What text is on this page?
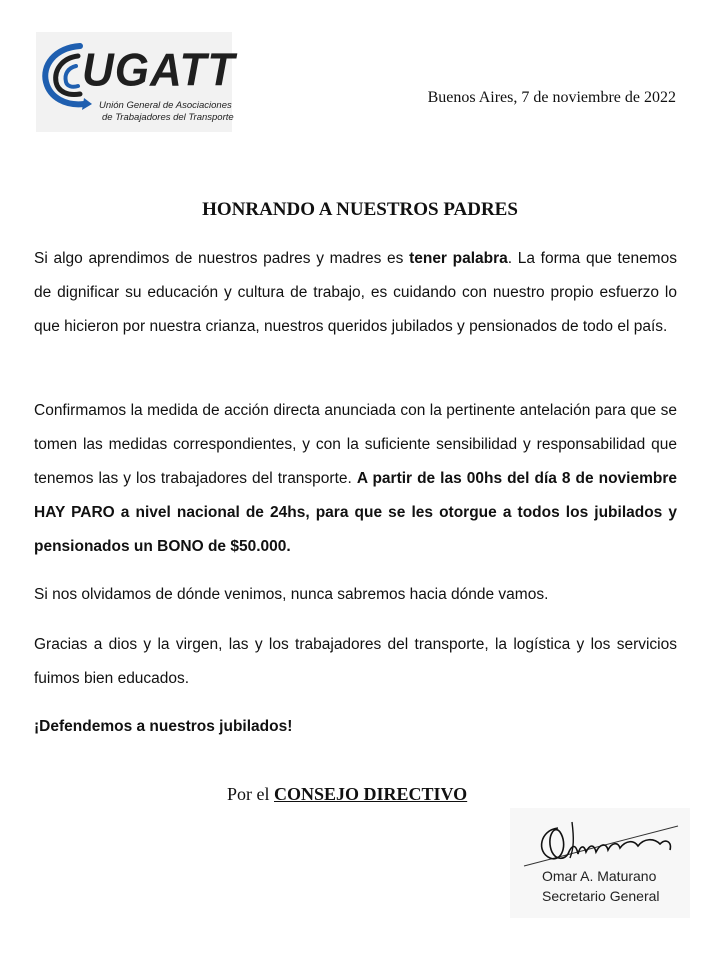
UGATT
Unión General de Asociaciones
de Trabajadores del Transporte
Buenos Aires, 7 de noviembre de 2022
HONRANDO A NUESTROS PADRES

Si algo aprendimos de nuestros padres y madres es tener palabra. La forma que tenemos de dignificar su educación y cultura de trabajo, es cuidando con nuestro propio esfuerzo lo que hicieron por nuestra crianza, nuestros queridos jubilados y pensionados de todo el país.

Confirmamos la medida de acción directa anunciada con la pertinente antelación para que se tomen las medidas correspondientes, y con la suficiente sensibilidad y responsabilidad que tenemos las y los trabajadores del transporte. A partir de las 00hs del día 8 de noviembre HAY PARO a nivel nacional de 24hs, para que se les otorgue a todos los jubilados y pensionados un BONO de $50.000.

Si nos olvidamos de dónde venimos, nunca sabremos hacia dónde vamos.

Gracias a dios y la virgen, las y los trabajadores del transporte, la logística y los servicios fuimos bien educados.

¡Defendemos a nuestros jubilados!

Por el CONSEJO DIRECTIVO
Omar A. Maturano
Secretario General
